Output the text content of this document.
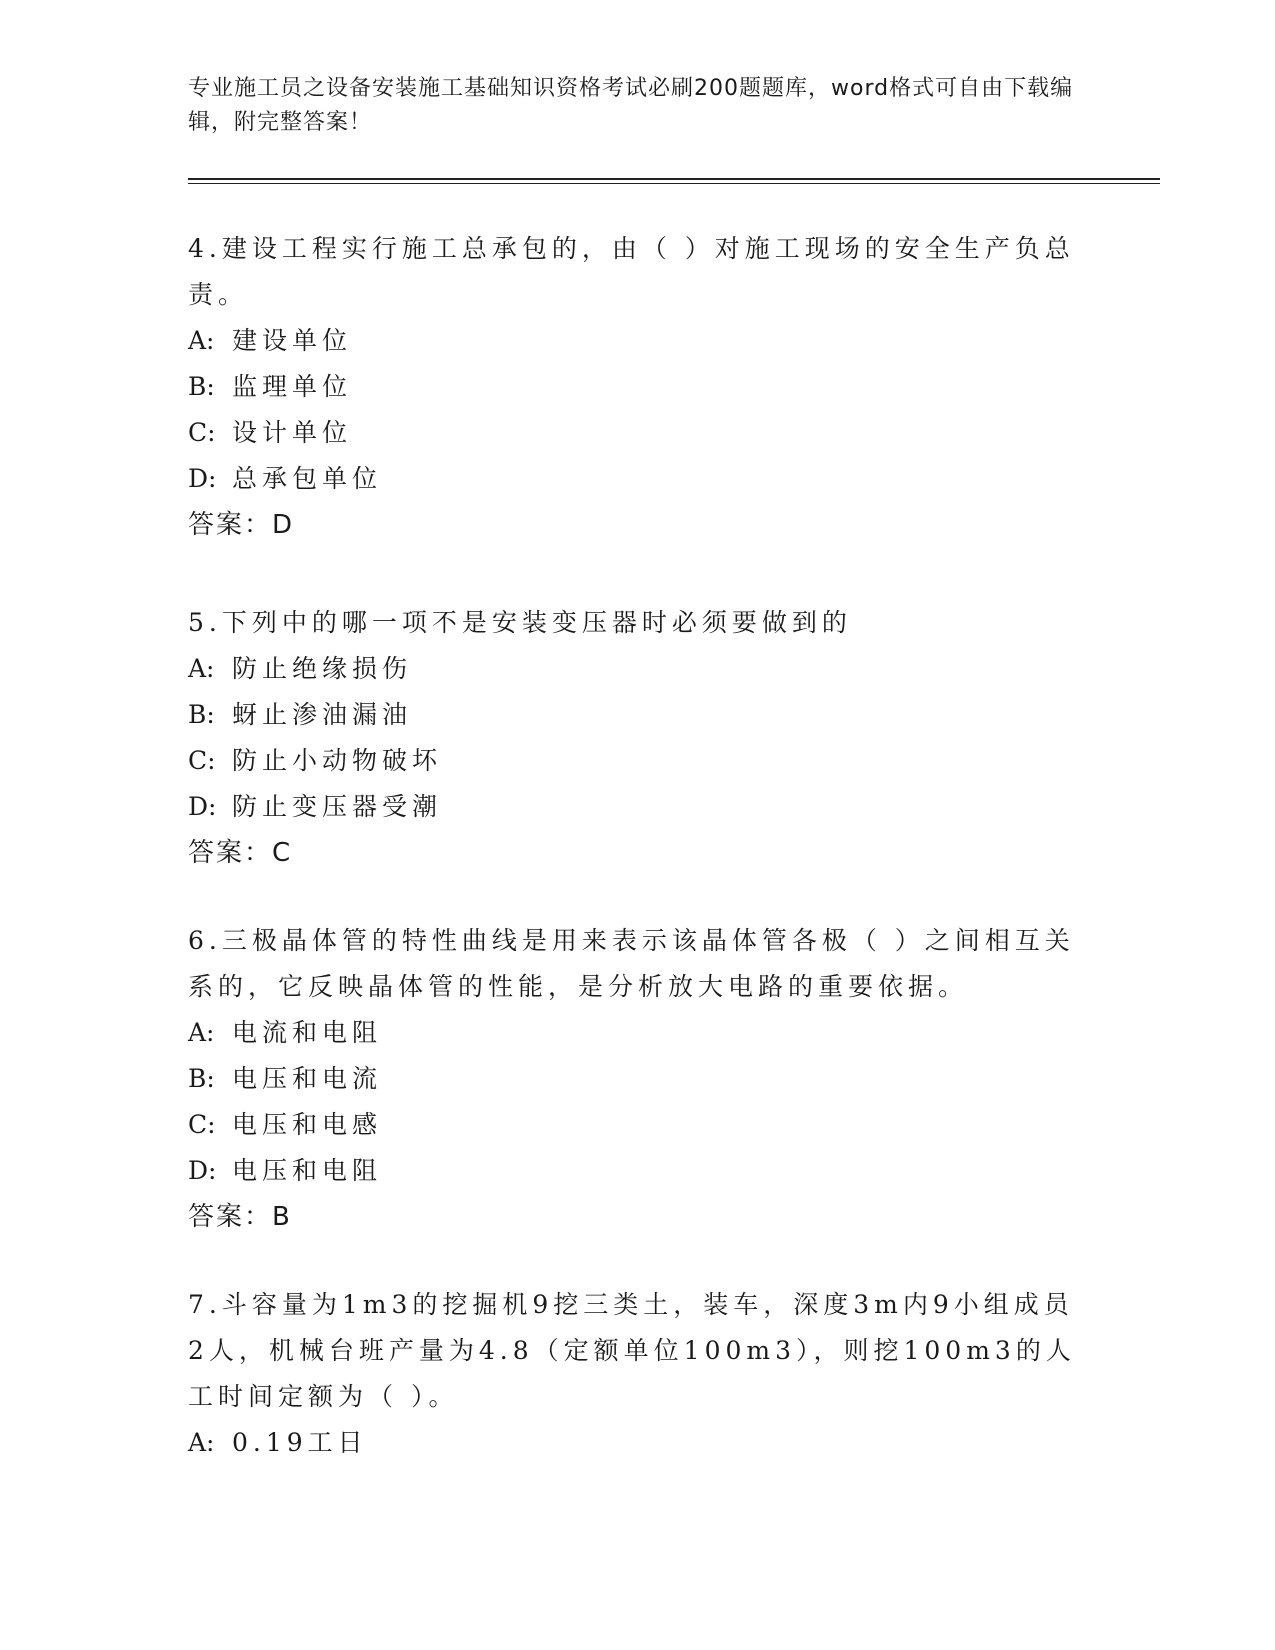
专业施工员之设备安装施工基础知识资格考试必刷200题题库，word格式可自由下载编辑，附完整答案！

4.建设工程实行施工总承包的，由（ ）对施工现场的安全生产负总责。

A: 建设单位

B: 监理单位

C: 设计单位

D: 总承包单位

答案：D

5.下列中的哪一项不是安装变压器时必须要做到的

A: 防止绝缘损伤

B: 蚜止渗油漏油

C: 防止小动物破坏

D: 防止变压器受潮

答案：C

6.三极晶体管的特性曲线是用来表示该晶体管各极（ ）之间相互关系的，它反映晶体管的性能，是分析放大电路的重要依据。

A: 电流和电阻

B: 电压和电流

C: 电压和电感

D: 电压和电阻

答案：B

7.斗容量为1m3的挖掘机9挖三类土，装车，深度3m内9小组成员2人，机械台班产量为4.8（定额单位100m3），则挖100m3的人工时间定额为（ ）。

A: 0.19工日
